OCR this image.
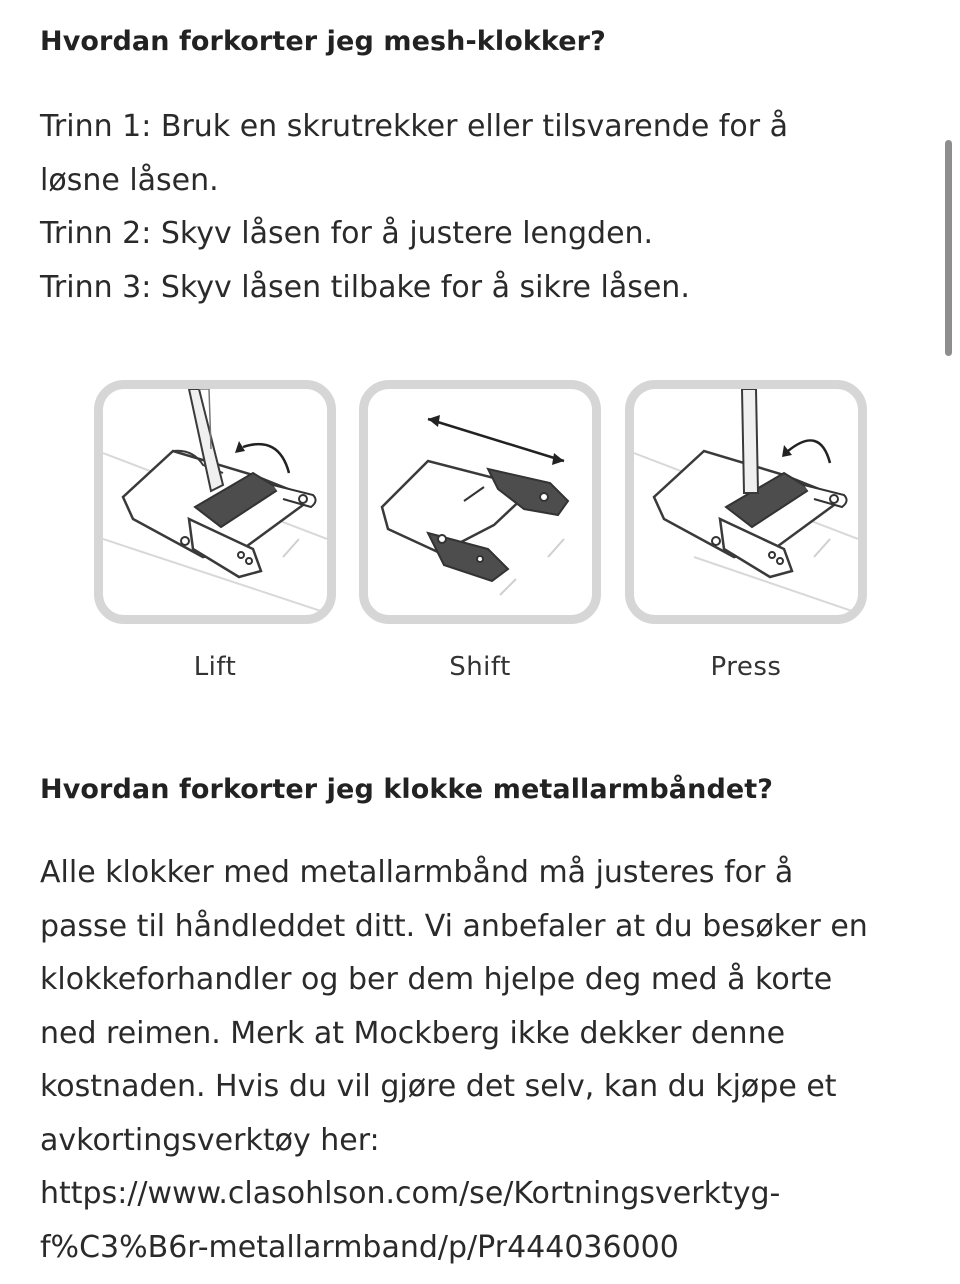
Hvordan forkorter jeg mesh-klokker?
Trinn 1: Bruk en skrutrekker eller tilsvarende for å
løsne låsen.
Trinn 2: Skyv låsen for å justere lengden.
Trinn 3: Skyv låsen tilbake for å sikre låsen.
Lift	Shift	Press
Hvordan forkorter jeg klokke metallarmbåndet?
Alle klokker med metallarmbånd må justeres for å
passe til håndleddet ditt. Vi anbefaler at du besøker en
klokkeforhandler og ber dem hjelpe deg med å korte
ned reimen. Merk at Mockberg ikke dekker denne
kostnaden. Hvis du vil gjøre det selv, kan du kjøpe et
avkortingsverktøy her:
https://www.clasohlson.com/se/Kortningsverktyg-
f%C3%B6r-metallarmband/p/Pr444036000
